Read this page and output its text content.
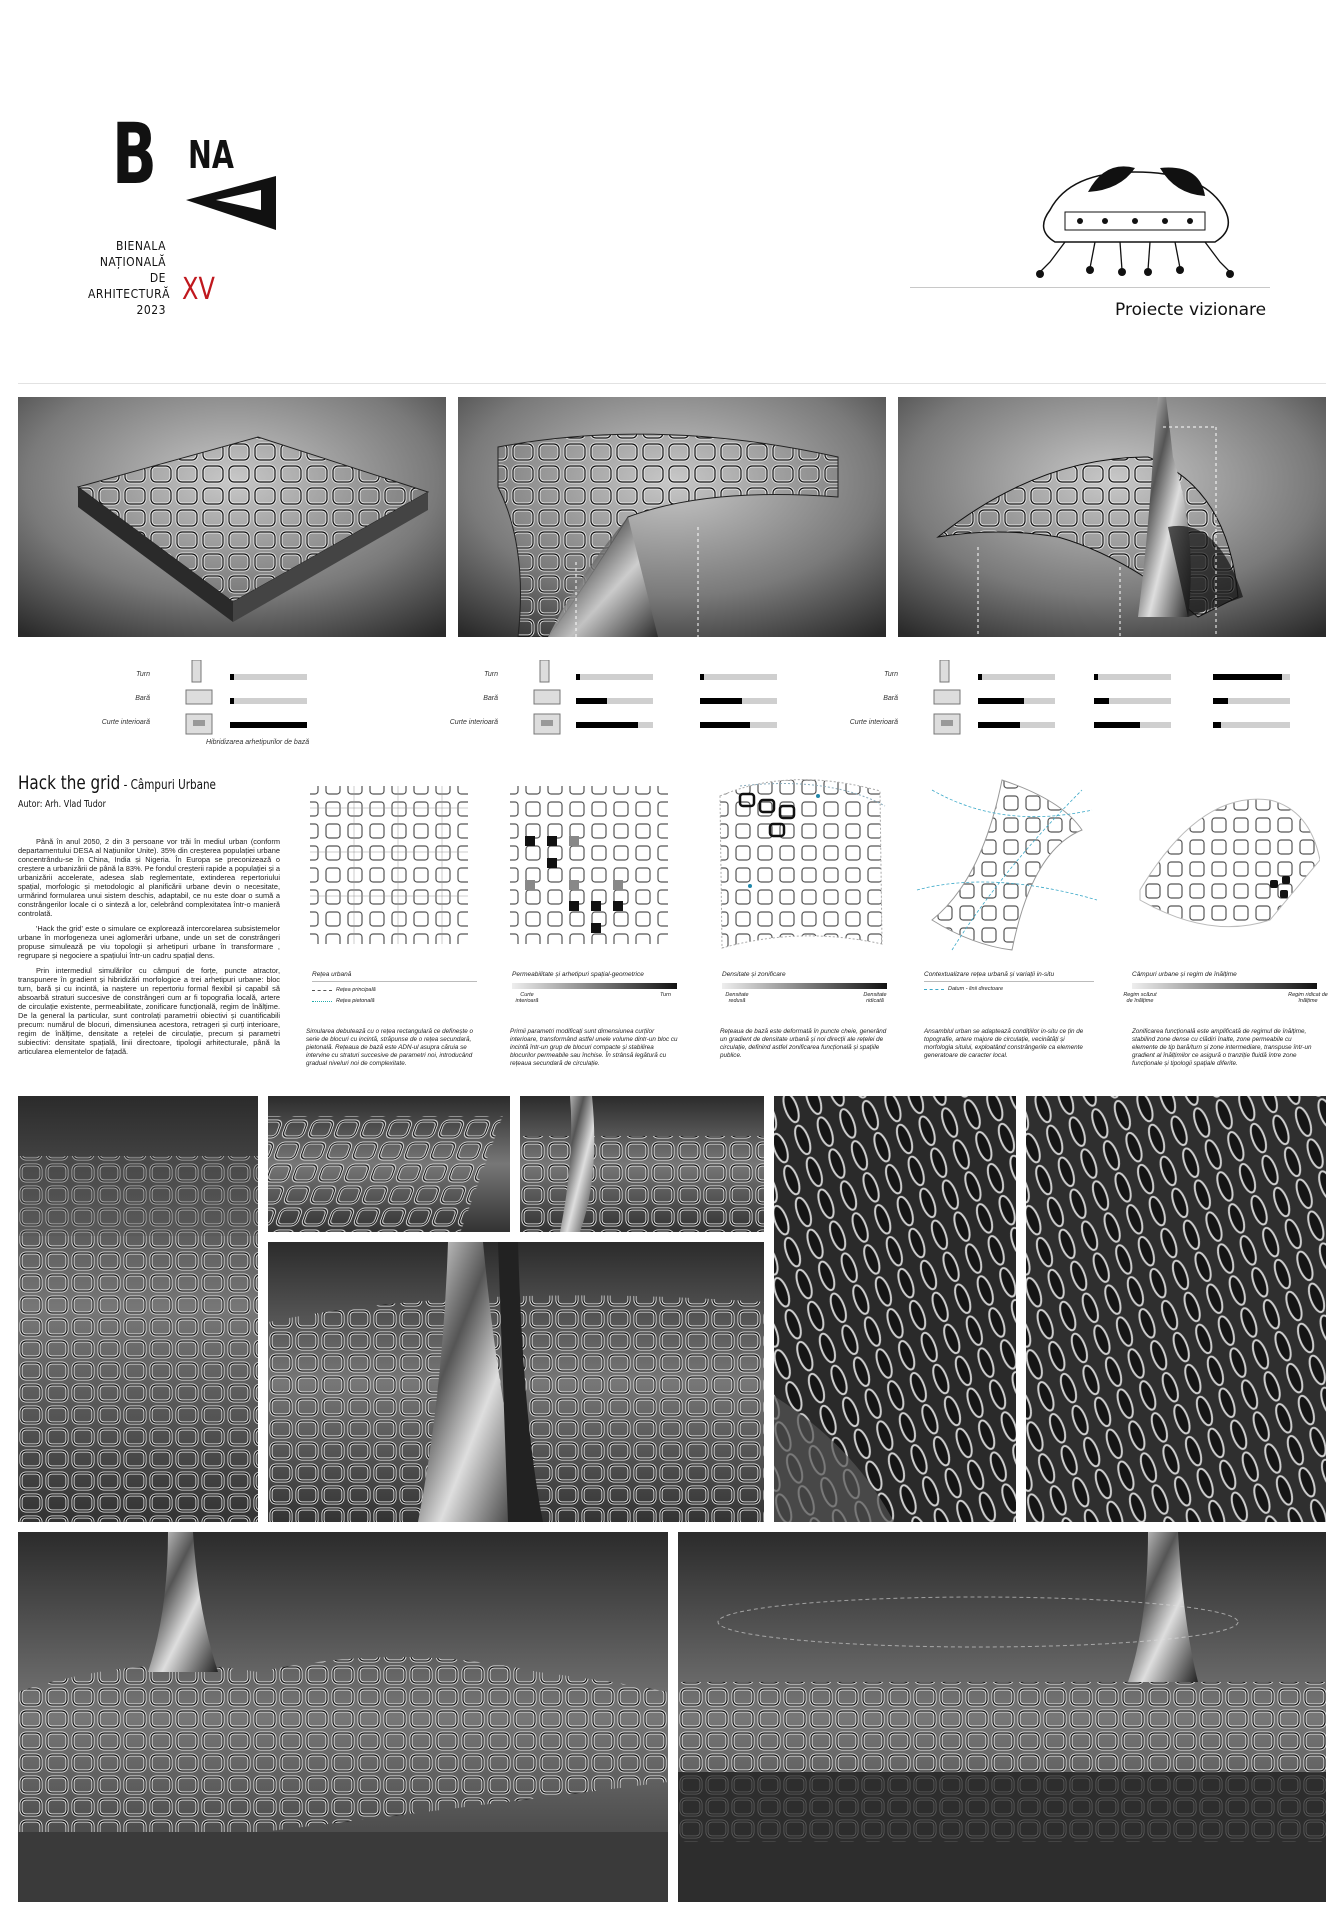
B NA
BIENALA
NAȚIONALĂ
DE
ARHITECTURĂ
2023
XV
Proiecte vizionare
Turn
Bară
Curte interioară
Hibridizarea arhetipurilor de bază
Turn
Bară
Curte interioară
Turn
Bară
Curte interioară
Hack the grid - Câmpuri Urbane
Autor: Arh. Vlad Tudor

Până în anul 2050, 2 din 3 persoane vor trăi în mediul urban (conform departamentului DESA al Națiunilor Unite). 35% din creșterea populației urbane concentrându-se în China, India și Nigeria. În Europa se preconizează o creștere a urbanizării de până la 83%. Pe fondul creșterii rapide a populației și a urbanizării accelerate, adesea slab reglementate, extinderea repertoriului spațial, morfologic și metodologic al planificării urbane devin o necesitate, urmărind formularea unui sistem deschis, adaptabil, ce nu este doar o sumă a constrângerilor locale ci o sinteză a lor, celebrând complexitatea într-o manieră controlată.

'Hack the grid' este o simulare ce explorează intercorelarea subsistemelor urbane în morfogeneza unei aglomerări urbane, unde un set de constrângeri propuse simulează pe viu topologii și arhetipuri urbane în transformare , regrupare și negociere a spațiului într-un cadru spațial dens.

Prin intermediul simulărilor cu câmpuri de forțe, puncte atractor, transpunere în gradient și hibridizări morfologice a trei arhetipuri urbane: bloc turn, bară și cu incintă, ia naștere un repertoriu formal flexibil și capabil să absoarbă straturi succesive de constrângeri cum ar fi topografia locală, artere de circulație existente, permeabilitate, zonificare funcțională, regim de înălțime. De la general la particular, sunt controlați parametrii obiectivi și cuantificabili precum: numărul de blocuri, dimensiunea acestora, retrageri și curți interioare, regim de înălțime, densitate a rețelei de circulație, precum și parametri subiectivi: densitate spațială, linii directoare, tipologii arhitecturale, până la articularea elementelor de fațadă.

Rețea urbană
Rețea principală
Rețea pietonală
Simularea debutează cu o rețea rectangulară ce definește o serie de blocuri cu incintă, străpunse de o rețea secundară, pietonală. Rețeaua de bază este ADN-ul asupra căruia se intervine cu straturi succesive de parametri noi, introducând gradual niveluri noi de complexitate.
Permeabilitate și arhetipuri spațial-geometrice
Curte interioară
Turn
Primii parametri modificați sunt dimensiunea curților interioare, transformând astfel unele volume dintr-un bloc cu incintă într-un grup de blocuri compacte și stabilirea blocurilor permeabile sau închise. În strânsă legătură cu rețeaua secundară de circulație.
Densitate și zonificare
Densitate redusă
Densitate ridicată
Rețeaua de bază este deformată în puncte cheie, generând un gradient de densitate urbană și noi direcții ale rețelei de circulație, definind astfel zonificarea funcțională și spațiile publice.
Contextualizare rețea urbană și variații in-situ
Datum - linii directoare
Ansamblul urban se adaptează condițiilor in-situ ce țin de topografie, artere majore de circulație, vecinătăți și morfologia sitului, exploatând constrângerile ca elemente generatoare de caracter local.
Câmpuri urbane și regim de înălțime
Regim scăzut de înălțime
Regim ridicat de înălțime
Zonificarea funcțională este amplificată de regimul de înălțime, stabilind zone dense cu clădiri înalte, zone permeabile cu elemente de tip bară/turn și zone intermediare, transpuse într-un gradient al înălțimilor ce asigură o tranziție fluidă între zone funcționale și tipologii spațiale diferite.
